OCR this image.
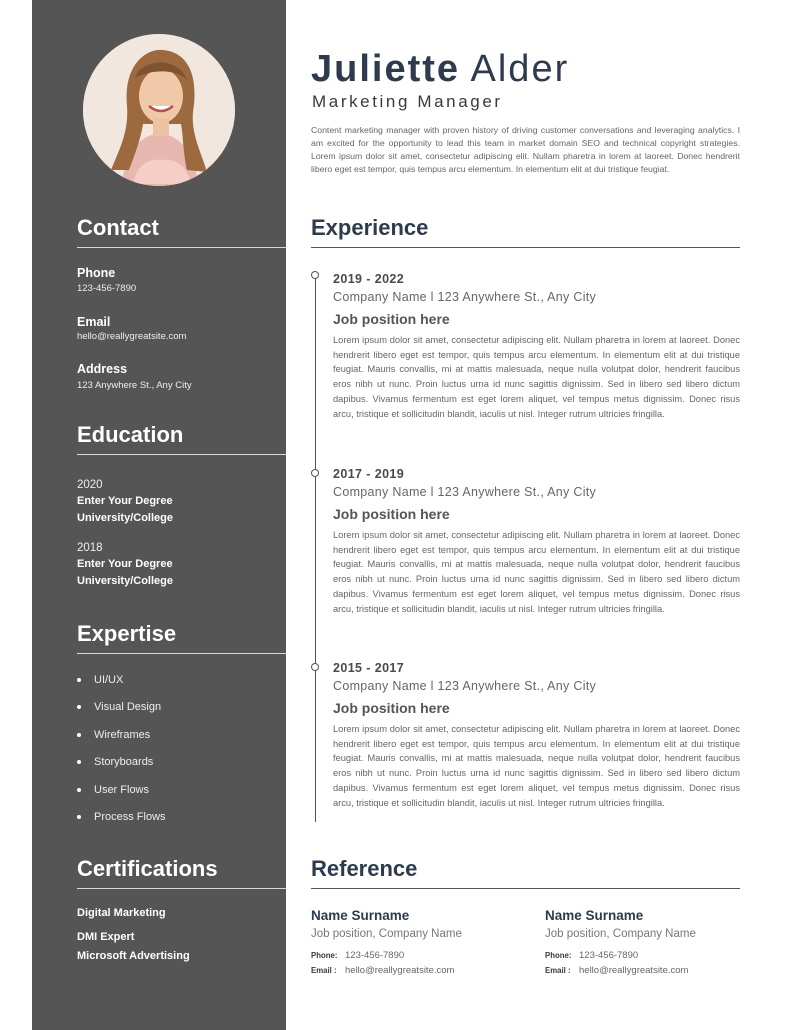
Contact
Phone
123-456-7890
Email
hello@reallygreatsite.com
Address
123 Anywhere St., Any City
Education
2020
Enter Your Degree
University/College
2018
Enter Your Degree
University/College
Expertise
UI/UX
Visual Design
Wireframes
Storyboards
User Flows
Process Flows
Certifications
Digital Marketing
DMI Expert
Microsoft Advertising
Juliette Alder
Marketing Manager
Content marketing manager with proven history of driving customer conversations and leveraging analytics. I am excited for the opportunity to lead this team in market domain SEO and technical copyright strategies. Lorem ipsum dolor sit amet, consectetur adipiscing elit. Nullam pharetra in lorem at laoreet. Donec hendrerit libero eget est tempor, quis tempus arcu elementum. In elementum elit at dui tristique feugiat.
Experience
2019 - 2022
Company Name l 123 Anywhere St., Any City
Job position here
Lorem ipsum dolor sit amet, consectetur adipiscing elit. Nullam pharetra in lorem at laoreet. Donec hendrerit libero eget est tempor, quis tempus arcu elementum. In elementum elit at dui tristique feugiat. Mauris convallis, mi at mattis malesuada, neque nulla volutpat dolor, hendrerit faucibus eros nibh ut nunc. Proin luctus urna id nunc sagittis dignissim. Sed in libero sed libero dictum dapibus. Vivamus fermentum est eget lorem aliquet, vel tempus metus dignissim. Donec risus arcu, tristique et sollicitudin blandit, iaculis ut nisl. Integer rutrum ultricies fringilla.
2017 - 2019
Company Name l 123 Anywhere St., Any City
Job position here
Lorem ipsum dolor sit amet, consectetur adipiscing elit. Nullam pharetra in lorem at laoreet. Donec hendrerit libero eget est tempor, quis tempus arcu elementum. In elementum elit at dui tristique feugiat. Mauris convallis, mi at mattis malesuada, neque nulla volutpat dolor, hendrerit faucibus eros nibh ut nunc. Proin luctus urna id nunc sagittis dignissim. Sed in libero sed libero dictum dapibus. Vivamus fermentum est eget lorem aliquet, vel tempus metus dignissim. Donec risus arcu, tristique et sollicitudin blandit, iaculis ut nisl. Integer rutrum ultricies fringilla.
2015 - 2017
Company Name l 123 Anywhere St., Any City
Job position here
Lorem ipsum dolor sit amet, consectetur adipiscing elit. Nullam pharetra in lorem at laoreet. Donec hendrerit libero eget est tempor, quis tempus arcu elementum. In elementum elit at dui tristique feugiat. Mauris convallis, mi at mattis malesuada, neque nulla volutpat dolor, hendrerit faucibus eros nibh ut nunc. Proin luctus urna id nunc sagittis dignissim. Sed in libero sed libero dictum dapibus. Vivamus fermentum est eget lorem aliquet, vel tempus metus dignissim. Donec risus arcu, tristique et sollicitudin blandit, iaculis ut nisl. Integer rutrum ultricies fringilla.
Reference
Name Surname
Job position, Company Name
Phone: 123-456-7890
Email : hello@reallygreatsite.com
Name Surname
Job position, Company Name
Phone: 123-456-7890
Email : hello@reallygreatsite.com
